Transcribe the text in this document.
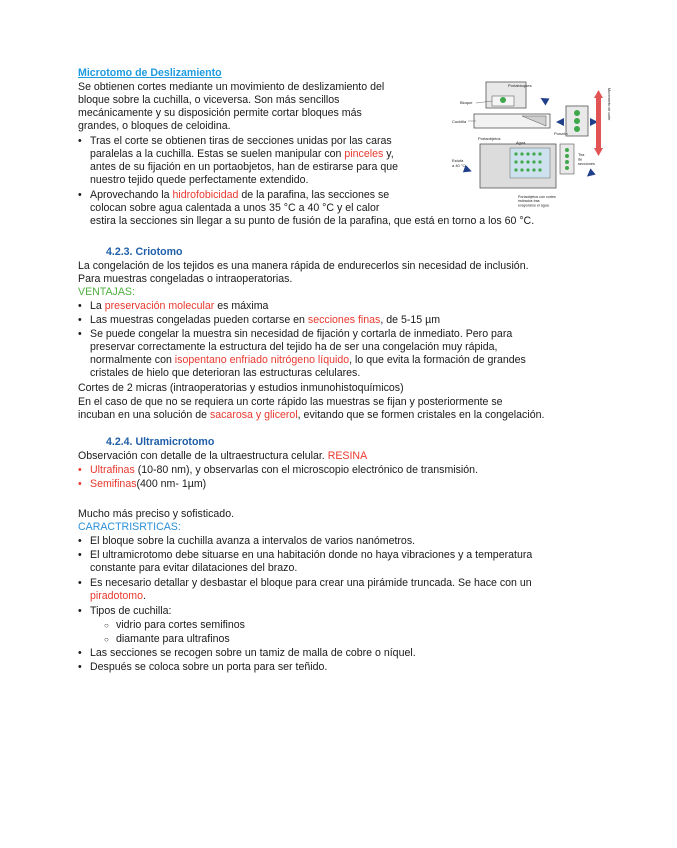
Microtomo de Deslizamiento
Se obtienen cortes mediante un movimiento de deslizamiento del
bloque sobre la cuchilla, o viceversa. Son más sencillos
mecánicamente y su disposición permite cortar bloques más
grandes, o bloques de celoidina.
• Tras el corte se obtienen tiras de secciones unidas por las caras
paralelas a la cuchilla. Estas se suelen manipular con pinceles y,
antes de su fijación en un portaobjetos, han de estirarse para que
nuestro tejido quede perfectamente extendido.
• Aprovechando la hidrofobicidad de la parafina, las secciones se
colocan sobre agua calentada a unos 35 °C a 40 °C y el calor
estira la secciones sin llegar a su punto de fusión de la parafina, que está en torno a los 60 °C.
Portabloques
Bloque
Cuchilla
Punzón
Movimiento de corte
Portaobjetos
Agua
Estufa a 40 °C
Tira de secciones
Portaobjetos con cortes estirados tras evaporarse el agua
4.2.3. Criotomo
La congelación de los tejidos es una manera rápida de endurecerlos sin necesidad de inclusión.
Para muestras congeladas o intraoperatorias.
VENTAJAS:
• La preservación molecular es máxima
• Las muestras congeladas pueden cortarse en secciones finas, de 5-15 µm
• Se puede congelar la muestra sin necesidad de fijación y cortarla de inmediato. Pero para
preservar correctamente la estructura del tejido ha de ser una congelación muy rápida,
normalmente con isopentano enfriado nitrógeno líquido, lo que evita la formación de grandes
cristales de hielo que deterioran las estructuras celulares.
Cortes de 2 micras (intraoperatorias y estudios inmunohistoquímicos)
En el caso de que no se requiera un corte rápido las muestras se fijan y posteriormente se
incuban en una solución de sacarosa y glicerol, evitando que se formen cristales en la congelación.
4.2.4. Ultramicrotomo
Observación con detalle de la ultraestructura celular. RESINA
• Ultrafinas (10-80 nm), y observarlas con el microscopio electrónico de transmisión.
• Semifinas(400 nm- 1µm)
Mucho más preciso y sofisticado.
CARACTRISRTICAS:
• El bloque sobre la cuchilla avanza a intervalos de varios nanómetros.
• El ultramicrotomo debe situarse en una habitación donde no haya vibraciones y a temperatura
constante para evitar dilataciones del brazo.
• Es necesario detallar y desbastar el bloque para crear una pirámide truncada. Se hace con un
piradotomo.
• Tipos de cuchilla:
○ vidrio para cortes semifinos
○ diamante para ultrafinos
• Las secciones se recogen sobre un tamiz de malla de cobre o níquel.
• Después se coloca sobre un porta para ser teñido.
